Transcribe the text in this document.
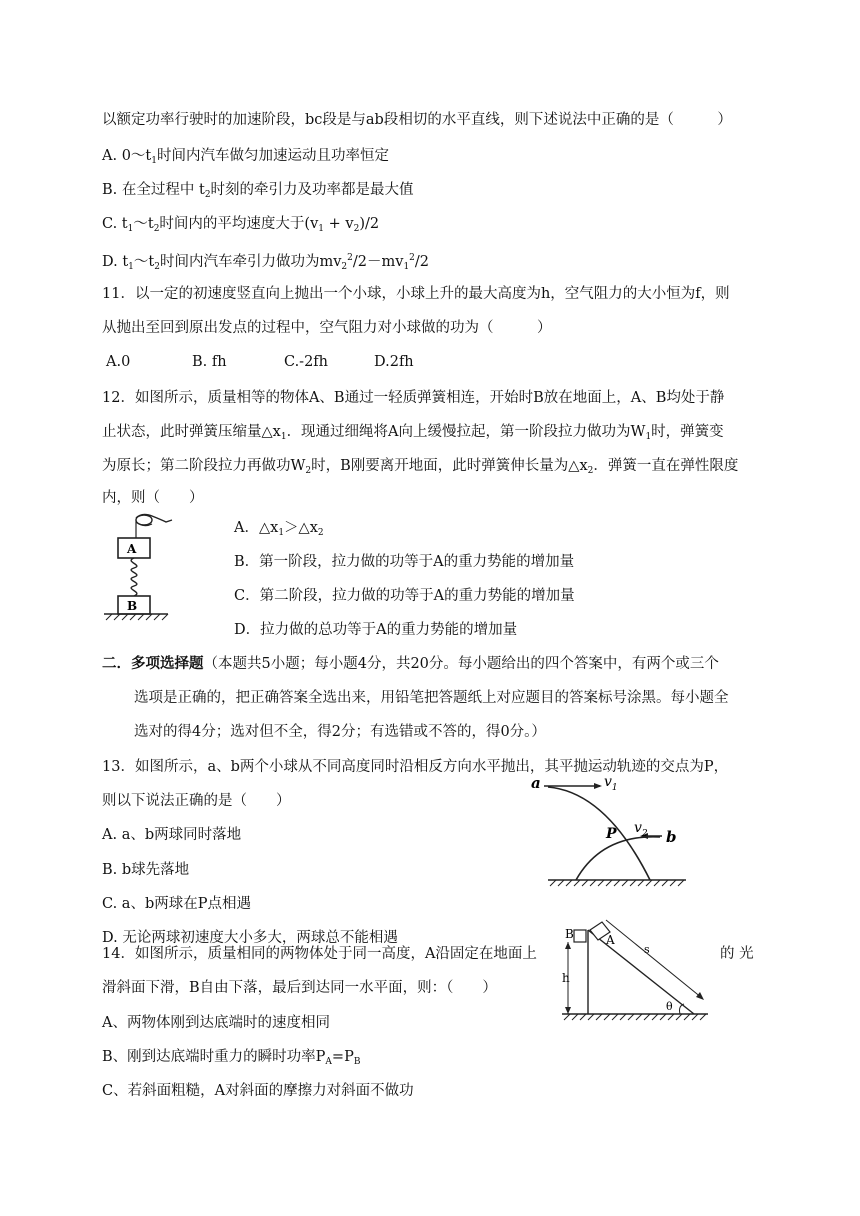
以额定功率行驶时的加速阶段，bc段是与ab段相切的水平直线，则下述说法中正确的是（　　　）
A. $0\sim t_1$时间内汽车做匀加速运动且功率恒定
B. 在全过程中 $t_2$时刻的牵引力及功率都是最大值
C. $t_1\sim t_2$时间内的平均速度大于$(v_1 + v_2)/2$
D. $t_1\sim t_2$时间内汽车牵引力做功为$mv_2^2/2-mv_1^2/2$
11．以一定的初速度竖直向上抛出一个小球，小球上升的最大高度为h，空气阻力的大小恒为f，则
从抛出至回到原出发点的过程中，空气阻力对小球做的功为（　　　）
A.0	B. fh	C.-2fh	D.2fh
12．如图所示，质量相等的物体A、B通过一轻质弹簧相连，开始时B放在地面上，A、B均处于静
止状态，此时弹簧压缩量$\triangle x_1$．现通过细绳将A向上缓慢拉起，第一阶段拉力做功为$W_1$时，弹簧变
为原长；第二阶段拉力再做功$W_2$时，B刚要离开地面，此时弹簧伸长量为$\triangle x_2$．弹簧一直在弹性限度
内，则（　　）
A．$\triangle x_1>\triangle x_2$
B．第一阶段，拉力做的功等于A的重力势能的增加量
C．第二阶段，拉力做的功等于A的重力势能的增加量
D．拉力做的总功等于A的重力势能的增加量
A
B
二．多项选择题（本题共5小题；每小题4分，共20分。每小题给出的四个答案中，有两个或三个
选项是正确的，把正确答案全选出来，用铅笔把答题纸上对应题目的答案标号涂黑。每小题全
选对的得4分；选对但不全，得2分；有选错或不答的，得0分。）
13．如图所示，a、b两个小球从不同高度同时沿相反方向水平抛出，其平抛运动轨迹的交点为P，
则以下说法正确的是（　　）
A. a、b两球同时落地
B. b球先落地
C. a、b两球在P点相遇
D. 无论两球初速度大小多大，两球总不能相遇
a	$v_1$
b
$v_2$
P
14．如图所示，质量相同的两物体处于同一高度，A沿固定在地面上	的 光
滑斜面下滑，B自由下落，最后到达同一水平面，则：（　　）
A、两物体刚到达底端时的速度相同
B、刚到达底端时重力的瞬时功率$P_A=P_B$
C、若斜面粗糙，A对斜面的摩擦力对斜面不做功
B
h
A
s
θ
